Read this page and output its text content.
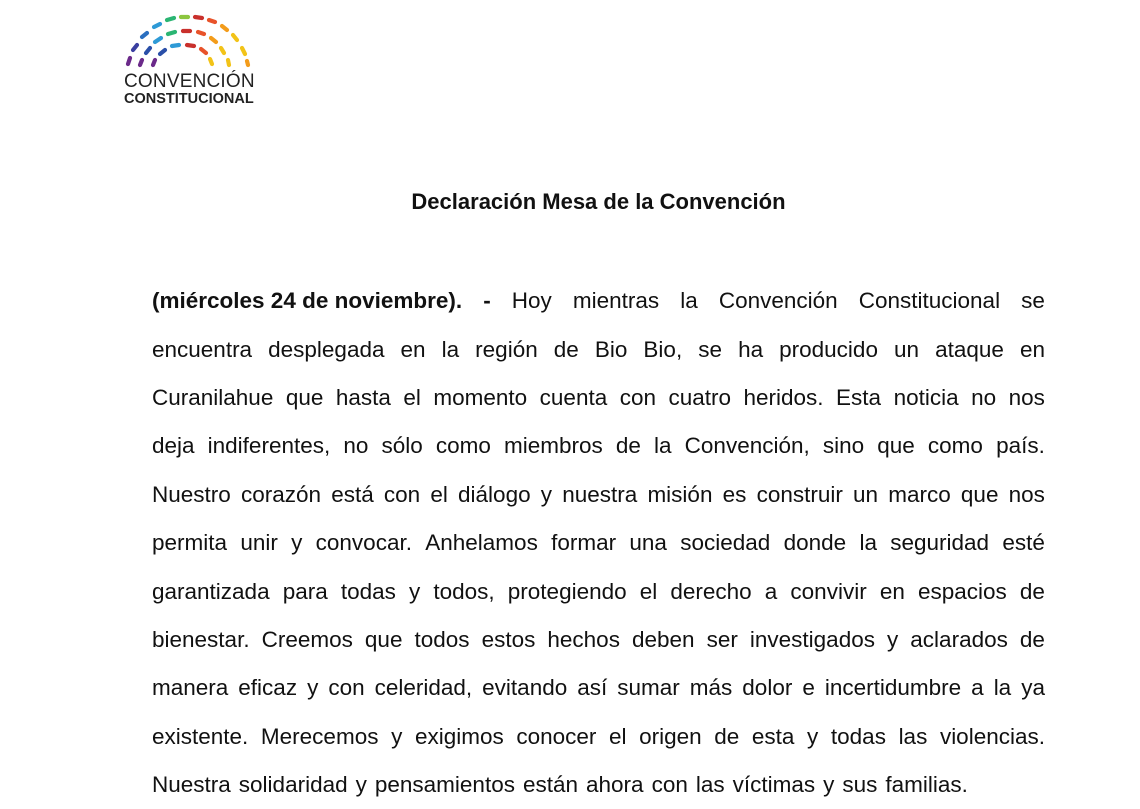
CONVENCIÓN
CONSTITUCIONAL
Declaración Mesa de la Convención
(miércoles 24 de noviembre). - Hoy mientras la Convención Constitucional se
encuentra desplegada en la región de Bio Bio, se ha producido un ataque en
Curanilahue que hasta el momento cuenta con cuatro heridos. Esta noticia no nos
deja indiferentes, no sólo como miembros de la Convención, sino que como país.
Nuestro corazón está con el diálogo y nuestra misión es construir un marco que nos
permita unir y convocar. Anhelamos formar una sociedad donde la seguridad esté
garantizada para todas y todos, protegiendo el derecho a convivir en espacios de
bienestar. Creemos que todos estos hechos deben ser investigados y aclarados de
manera eficaz y con celeridad, evitando así sumar más dolor e incertidumbre a la ya
existente. Merecemos y exigimos conocer el origen de esta y todas las violencias.
Nuestra solidaridad y pensamientos están ahora con las víctimas y sus familias.
